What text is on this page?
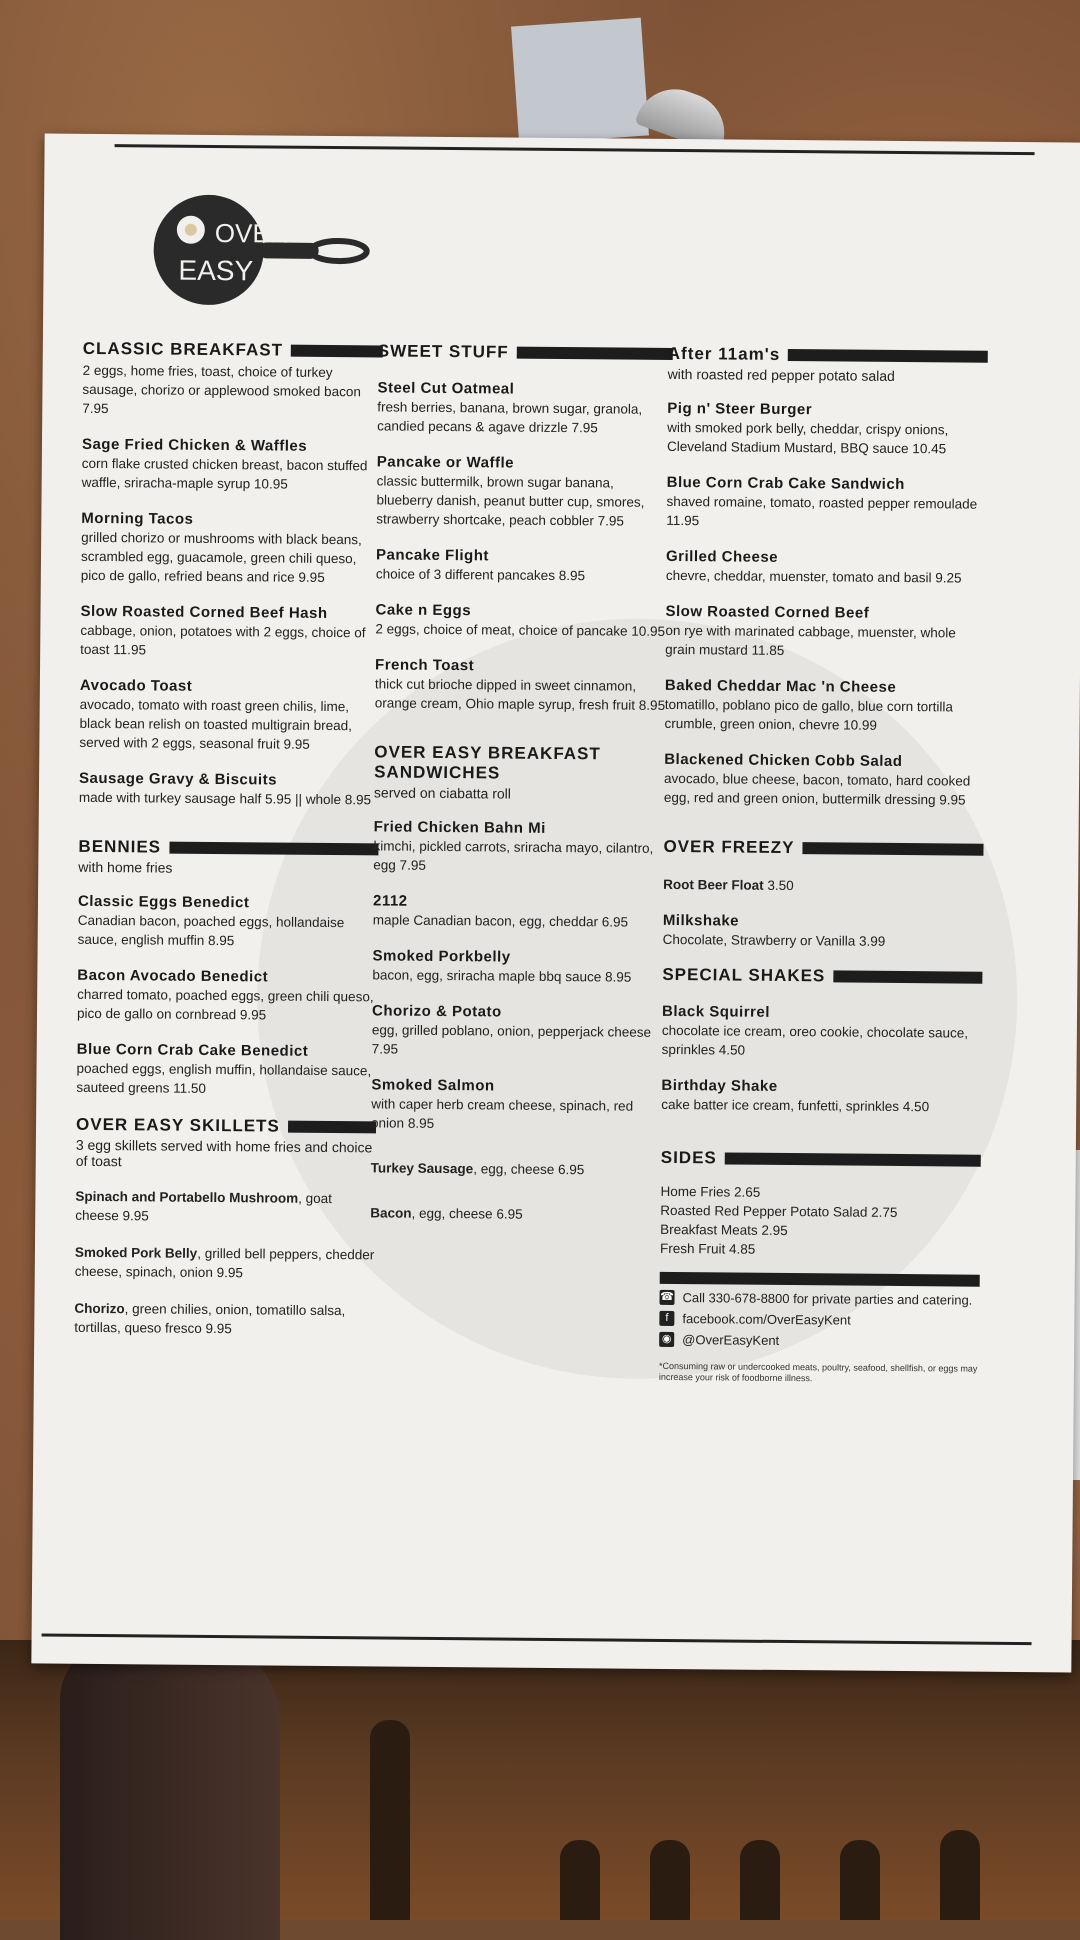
OVER
EASY
CLASSIC BREAKFAST
2 eggs, home fries, toast, choice of turkey sausage, chorizo or applewood smoked bacon 7.95
Sage Fried Chicken & Waffles
corn flake crusted chicken breast, bacon stuffed waffle, sriracha-maple syrup 10.95
Morning Tacos
grilled chorizo or mushrooms with black beans, scrambled egg, guacamole, green chili queso, pico de gallo, refried beans and rice 9.95
Slow Roasted Corned Beef Hash
cabbage, onion, potatoes with 2 eggs, choice of toast 11.95
Avocado Toast
avocado, tomato with roast green chilis, lime, black bean relish on toasted multigrain bread, served with 2 eggs, seasonal fruit 9.95
Sausage Gravy & Biscuits
made with turkey sausage half 5.95 || whole 8.95
BENNIES
with home fries
Classic Eggs Benedict
Canadian bacon, poached eggs, hollandaise sauce, english muffin 8.95
Bacon Avocado Benedict
charred tomato, poached eggs, green chili queso, pico de gallo on cornbread 9.95
Blue Corn Crab Cake Benedict
poached eggs, english muffin, hollandaise sauce, sauteed greens 11.50
OVER EASY SKILLETS
3 egg skillets served with home fries and choice of toast
Spinach and Portabello Mushroom, goat cheese 9.95
Smoked Pork Belly, grilled bell peppers, chedder cheese, spinach, onion 9.95
Chorizo, green chilies, onion, tomatillo salsa, tortillas, queso fresco 9.95
SWEET STUFF
Steel Cut Oatmeal
fresh berries, banana, brown sugar, granola, candied pecans & agave drizzle 7.95
Pancake or Waffle
classic buttermilk, brown sugar banana, blueberry danish, peanut butter cup, smores, strawberry shortcake, peach cobbler 7.95
Pancake Flight
choice of 3 different pancakes 8.95
Cake n Eggs
2 eggs, choice of meat, choice of pancake 10.95
French Toast
thick cut brioche dipped in sweet cinnamon, orange cream, Ohio maple syrup, fresh fruit 8.95
OVER EASY BREAKFAST SANDWICHES
served on ciabatta roll
Fried Chicken Bahn Mi
kimchi, pickled carrots, sriracha mayo, cilantro, egg 7.95
2112
maple Canadian bacon, egg, cheddar 6.95
Smoked Porkbelly
bacon, egg, sriracha maple bbq sauce 8.95
Chorizo & Potato
egg, grilled poblano, onion, pepperjack cheese 7.95
Smoked Salmon
with caper herb cream cheese, spinach, red onion 8.95
Turkey Sausage, egg, cheese 6.95
Bacon, egg, cheese 6.95
After 11am's
with roasted red pepper potato salad
Pig n' Steer Burger
with smoked pork belly, cheddar, crispy onions, Cleveland Stadium Mustard, BBQ sauce 10.45
Blue Corn Crab Cake Sandwich
shaved romaine, tomato, roasted pepper remoulade 11.95
Grilled Cheese
chevre, cheddar, muenster, tomato and basil 9.25
Slow Roasted Corned Beef
on rye with marinated cabbage, muenster, whole grain mustard 11.85
Baked Cheddar Mac 'n Cheese
tomatillo, poblano pico de gallo, blue corn tortilla crumble, green onion, chevre 10.99
Blackened Chicken Cobb Salad
avocado, blue cheese, bacon, tomato, hard cooked egg, red and green onion, buttermilk dressing 9.95
OVER FREEZY
Root Beer Float 3.50
Milkshake
Chocolate, Strawberry or Vanilla 3.99
SPECIAL SHAKES
Black Squirrel
chocolate ice cream, oreo cookie, chocolate sauce, sprinkles 4.50
Birthday Shake
cake batter ice cream, funfetti, sprinkles 4.50
SIDES
Home Fries 2.65
Roasted Red Pepper Potato Salad 2.75
Breakfast Meats 2.95
Fresh Fruit 4.85
☎ Call 330-678-8800 for private parties and catering.
f	facebook.com/OverEasyKent
◉ @OverEasyKent
*Consuming raw or undercooked meats, poultry, seafood, shellfish, or eggs may increase your risk of foodborne illness.
